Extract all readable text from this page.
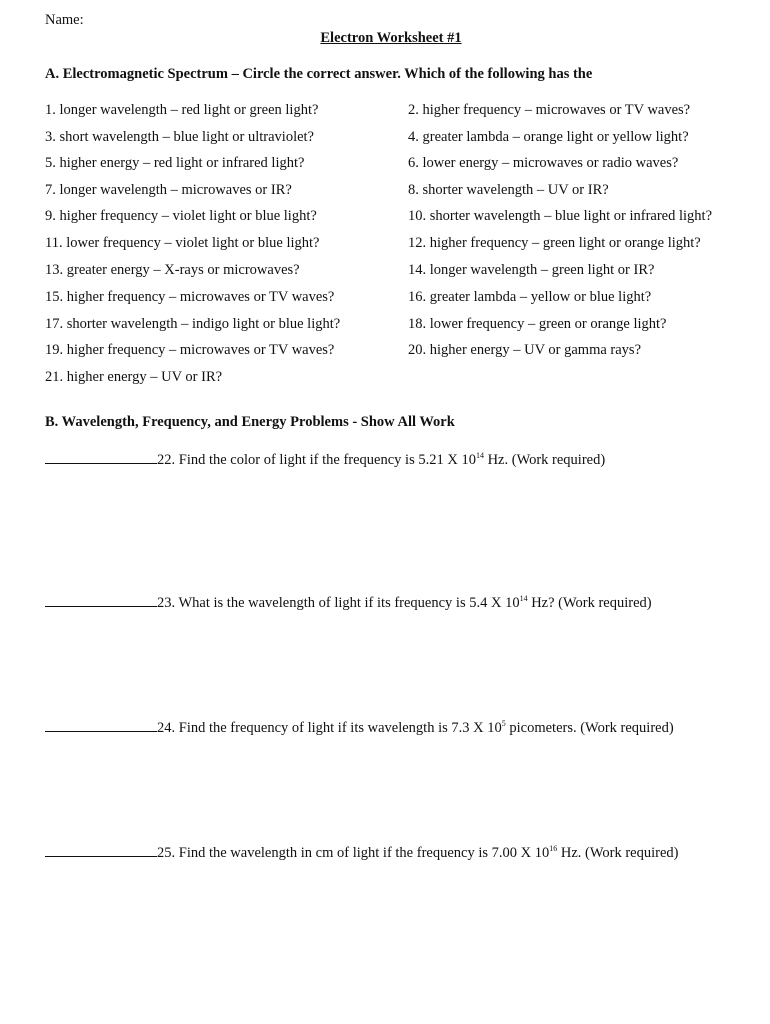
Name:
Electron Worksheet #1
A. Electromagnetic Spectrum – Circle the correct answer. Which of the following has the
1. longer wavelength – red light or green light?	2. higher frequency – microwaves or TV waves?
3. short wavelength – blue light or ultraviolet?	4. greater lambda – orange light or yellow light?
5. higher energy – red light or infrared light?	6. lower energy – microwaves or radio waves?
7. longer wavelength – microwaves or IR?	8. shorter wavelength – UV or IR?
9. higher frequency – violet light or blue light?	10. shorter wavelength – blue light or infrared light?
11. lower frequency – violet light or blue light?	12. higher frequency – green light or orange light?
13. greater energy – X-rays or microwaves?	14. longer wavelength – green light or IR?
15. higher frequency – microwaves or TV waves?	16. greater lambda – yellow or blue light?
17. shorter wavelength – indigo light or blue light?	18. lower frequency – green or orange light?
19. higher frequency – microwaves or TV waves?	20. higher energy – UV or gamma rays?
21. higher energy – UV or IR?
B. Wavelength, Frequency, and Energy Problems - Show All Work
22. Find the color of light if the frequency is 5.21 X $10^{14}$ Hz. (Work required)
23. What is the wavelength of light if its frequency is 5.4 X $10^{14}$ Hz? (Work required)
24. Find the frequency of light if its wavelength is 7.3 X $10^5$ picometers. (Work required)
25. Find the wavelength in cm of light if the frequency is 7.00 X $10^{16}$ Hz. (Work required)
